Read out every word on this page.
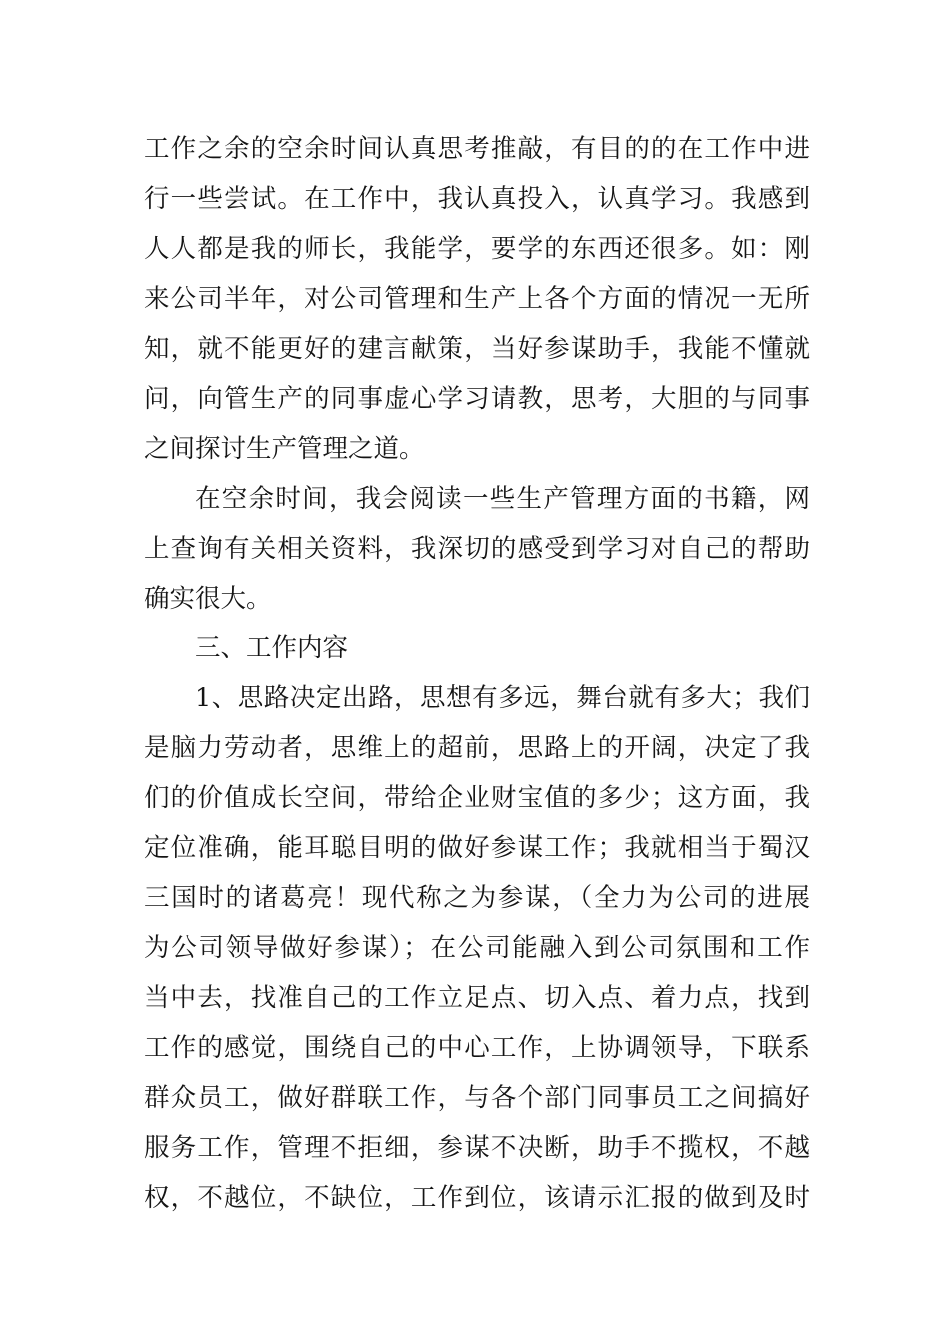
工作之余的空余时间认真思考推敲，有目的的在工作中进
行一些尝试。在工作中，我认真投入，认真学习。我感到
人人都是我的师长，我能学，要学的东西还很多。如：刚
来公司半年，对公司管理和生产上各个方面的情况一无所
知，就不能更好的建言献策，当好参谋助手，我能不懂就
问，向管生产的同事虚心学习请教，思考，大胆的与同事
之间探讨生产管理之道。
在空余时间，我会阅读一些生产管理方面的书籍，网
上查询有关相关资料，我深切的感受到学习对自己的帮助
确实很大。
三、工作内容
1、思路决定出路，思想有多远，舞台就有多大；我们
是脑力劳动者，思维上的超前，思路上的开阔，决定了我
们的价值成长空间，带给企业财宝值的多少；这方面，我
定位准确，能耳聪目明的做好参谋工作；我就相当于蜀汉
三国时的诸葛亮！现代称之为参谋，（全力为公司的进展
为公司领导做好参谋）；在公司能融入到公司氛围和工作
当中去，找准自己的工作立足点、切入点、着力点，找到
工作的感觉，围绕自己的中心工作，上协调领导，下联系
群众员工，做好群联工作，与各个部门同事员工之间搞好
服务工作，管理不拒细，参谋不决断，助手不揽权，不越
权，不越位，不缺位，工作到位，该请示汇报的做到及时
